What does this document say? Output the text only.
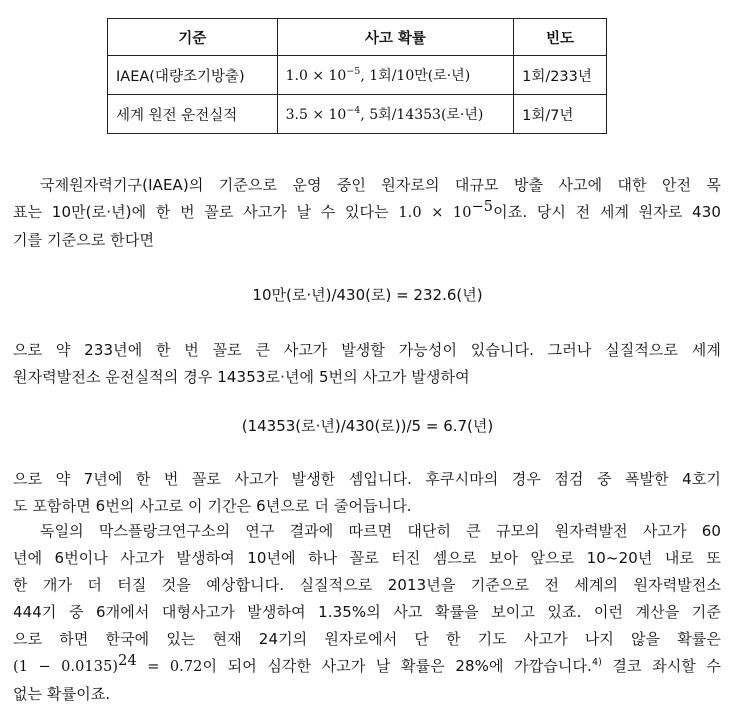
기준	사고 확률	빈도
IAEA(대량조기방출)	$1.0 \times 10^{-5}$, 1회/10만(로·년)	1회/233년
세계 원전 운전실적	$3.5 \times 10^{-4}$, 5회/14353(로·년)	1회/7년
국제원자력기구(IAEA)의 기준으로 운영 중인 원자로의 대규모 방출 사고에 대한 안전 목
표는 10만(로·년)에 한 번 꼴로 사고가 날 수 있다는 $1.0 \times 10^{-5}$이죠. 당시 전 세계 원자로 430
기를 기준으로 한다면
10만(로·년)/430(로) = 232.6(년)
으로 약 233년에 한 번 꼴로 큰 사고가 발생할 가능성이 있습니다. 그러나 실질적으로 세계
원자력발전소 운전실적의 경우 14353로·년에 5번의 사고가 발생하여
(14353(로·년)/430(로))/5 = 6.7(년)
으로 약 7년에 한 번 꼴로 사고가 발생한 셈입니다. 후쿠시마의 경우 점검 중 폭발한 4호기
도 포함하면 6번의 사고로 이 기간은 6년으로 더 줄어듭니다.
독일의 막스플랑크연구소의 연구 결과에 따르면 대단히 큰 규모의 원자력발전 사고가 60
년에 6번이나 사고가 발생하여 10년에 하나 꼴로 터진 셈으로 보아 앞으로 10~20년 내로 또
한 개가 더 터질 것을 예상합니다. 실질적으로 2013년을 기준으로 전 세계의 원자력발전소
444기 중 6개에서 대형사고가 발생하여 1.35%의 사고 확률을 보이고 있죠. 이런 계산을 기준
으로 하면 한국에 있는 현재 24기의 원자로에서 단 한 기도 사고가 나지 않을 확률은
$(1 - 0.0135)^{24} = 0.72$이 되어 심각한 사고가 날 확률은 28%에 가깝습니다.$^{4)}$ 결코 좌시할 수
없는 확률이죠.
